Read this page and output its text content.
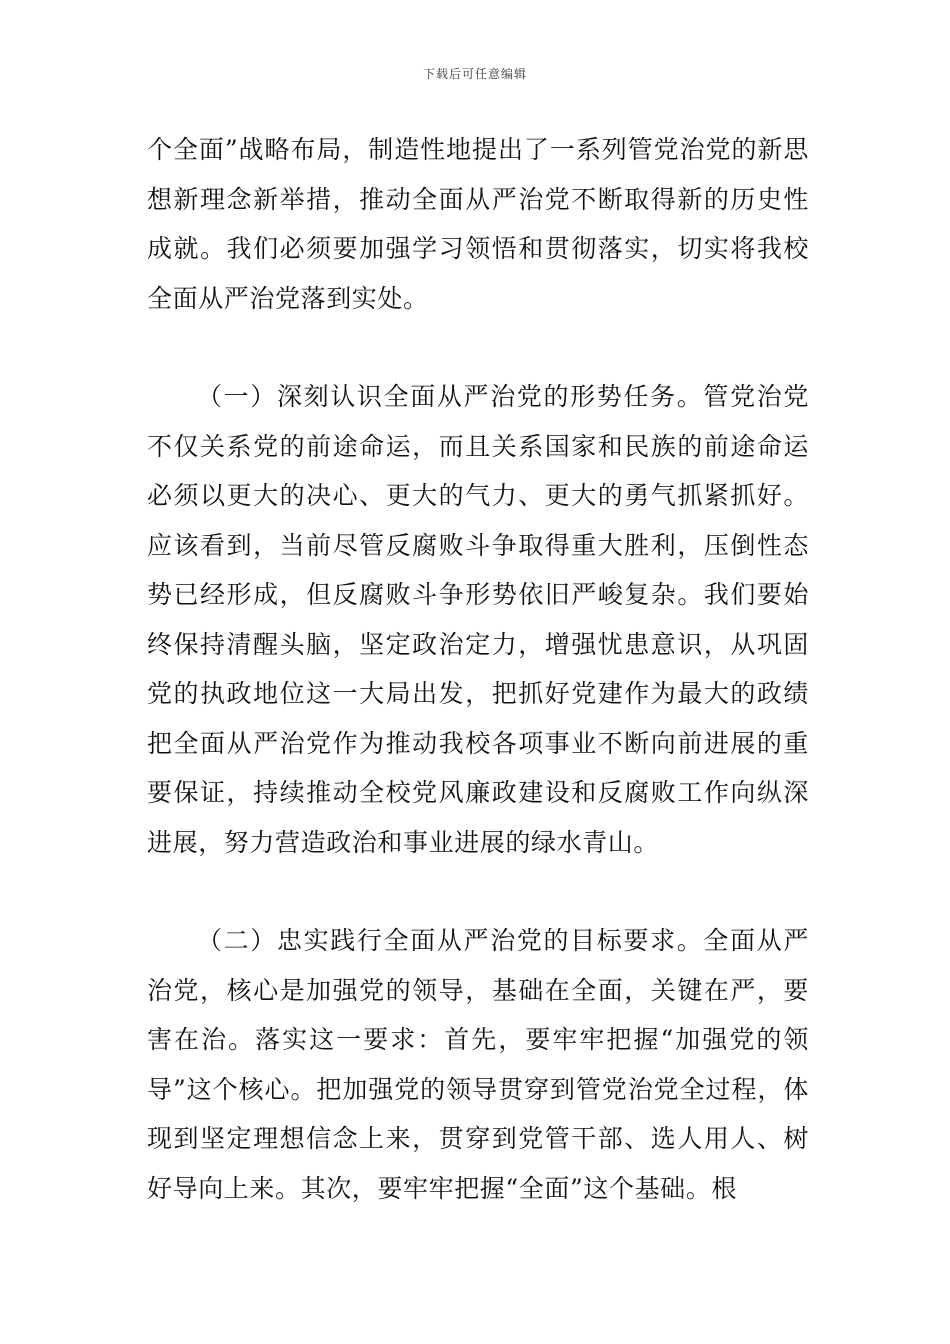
下载后可任意编辑

个全面”战略布局，制造性地提出了一系列管党治党的新思想新理念新举措，推动全面从严治党不断取得新的历史性成就。我们必须要加强学习领悟和贯彻落实，切实将我校全面从严治党落到实处。

（一）深刻认识全面从严治党的形势任务。管党治党不仅关系党的前途命运，而且关系国家和民族的前途命运必须以更大的决心、更大的气力、更大的勇气抓紧抓好。应该看到，当前尽管反腐败斗争取得重大胜利，压倒性态势已经形成，但反腐败斗争形势依旧严峻复杂。我们要始终保持清醒头脑，坚定政治定力，增强忧患意识，从巩固党的执政地位这一大局出发，把抓好党建作为最大的政绩把全面从严治党作为推动我校各项事业不断向前进展的重要保证，持续推动全校党风廉政建设和反腐败工作向纵深进展，努力营造政治和事业进展的绿水青山。

（二）忠实践行全面从严治党的目标要求。全面从严治党，核心是加强党的领导，基础在全面，关键在严，要害在治。落实这一要求：首先，要牢牢把握“加强党的领导”这个核心。把加强党的领导贯穿到管党治党全过程，体现到坚定理想信念上来，贯穿到党管干部、选人用人、树好导向上来。其次，要牢牢把握“全面”这个基础。根
